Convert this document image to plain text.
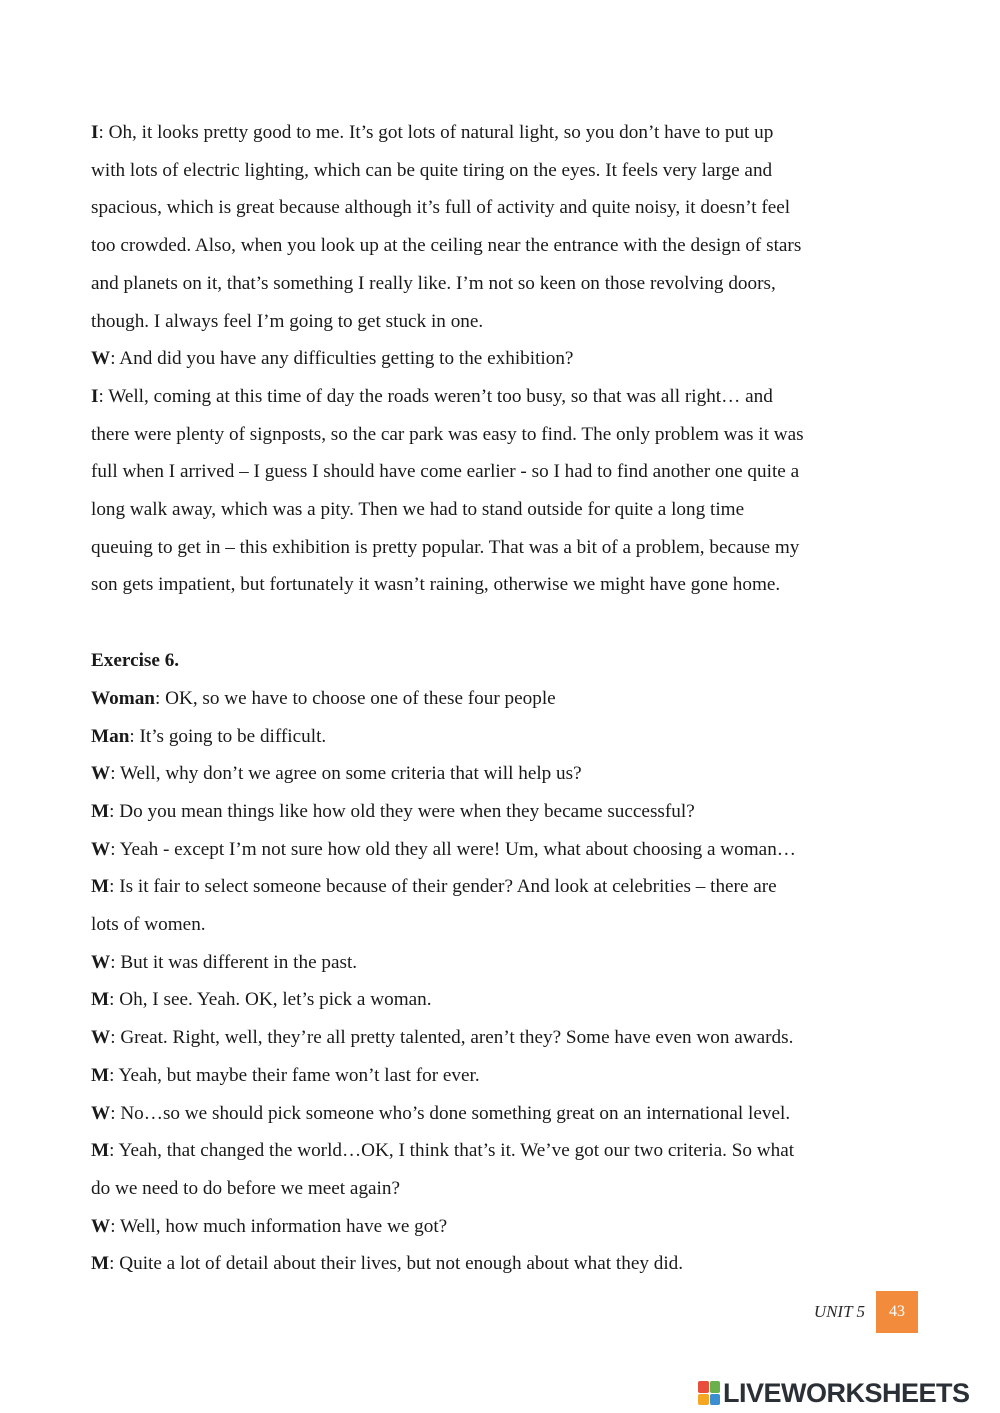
I: Oh, it looks pretty good to me. It’s got lots of natural light, so you don’t have to put up

with lots of electric lighting, which can be quite tiring on the eyes. It feels very large and

spacious, which is great because although it’s full of activity and quite noisy, it doesn’t feel

too crowded. Also, when you look up at the ceiling near the entrance with the design of stars

and planets on it, that’s something I really like. I’m not so keen on those revolving doors,

though. I always feel I’m going to get stuck in one.

W: And did you have any difficulties getting to the exhibition?

I: Well, coming at this time of day the roads weren’t too busy, so that was all right… and

there were plenty of signposts, so the car park was easy to find. The only problem was it was

full when I arrived – I guess I should have come earlier - so I had to find another one quite a

long walk away, which was a pity. Then we had to stand outside for quite a long time

queuing to get in – this exhibition is pretty popular. That was a bit of a problem, because my

son gets impatient, but fortunately it wasn’t raining, otherwise we might have gone home.

Exercise 6.

Woman: OK, so we have to choose one of these four people

Man: It’s going to be difficult.

W: Well, why don’t we agree on some criteria that will help us?

M: Do you mean things like how old they were when they became successful?

W: Yeah - except I’m not sure how old they all were! Um, what about choosing a woman…

M: Is it fair to select someone because of their gender? And look at celebrities – there are

lots of women.

W: But it was different in the past.

M: Oh, I see. Yeah. OK, let’s pick a woman.

W: Great. Right, well, they’re all pretty talented, aren’t they? Some have even won awards.

M: Yeah, but maybe their fame won’t last for ever.

W: No…so we should pick someone who’s done something great on an international level.

M: Yeah, that changed the world…OK, I think that’s it. We’ve got our two criteria. So what

do we need to do before we meet again?

W: Well, how much information have we got?

M: Quite a lot of detail about their lives, but not enough about what they did.

UNIT 5	43
LIVEWORKSHEETS
